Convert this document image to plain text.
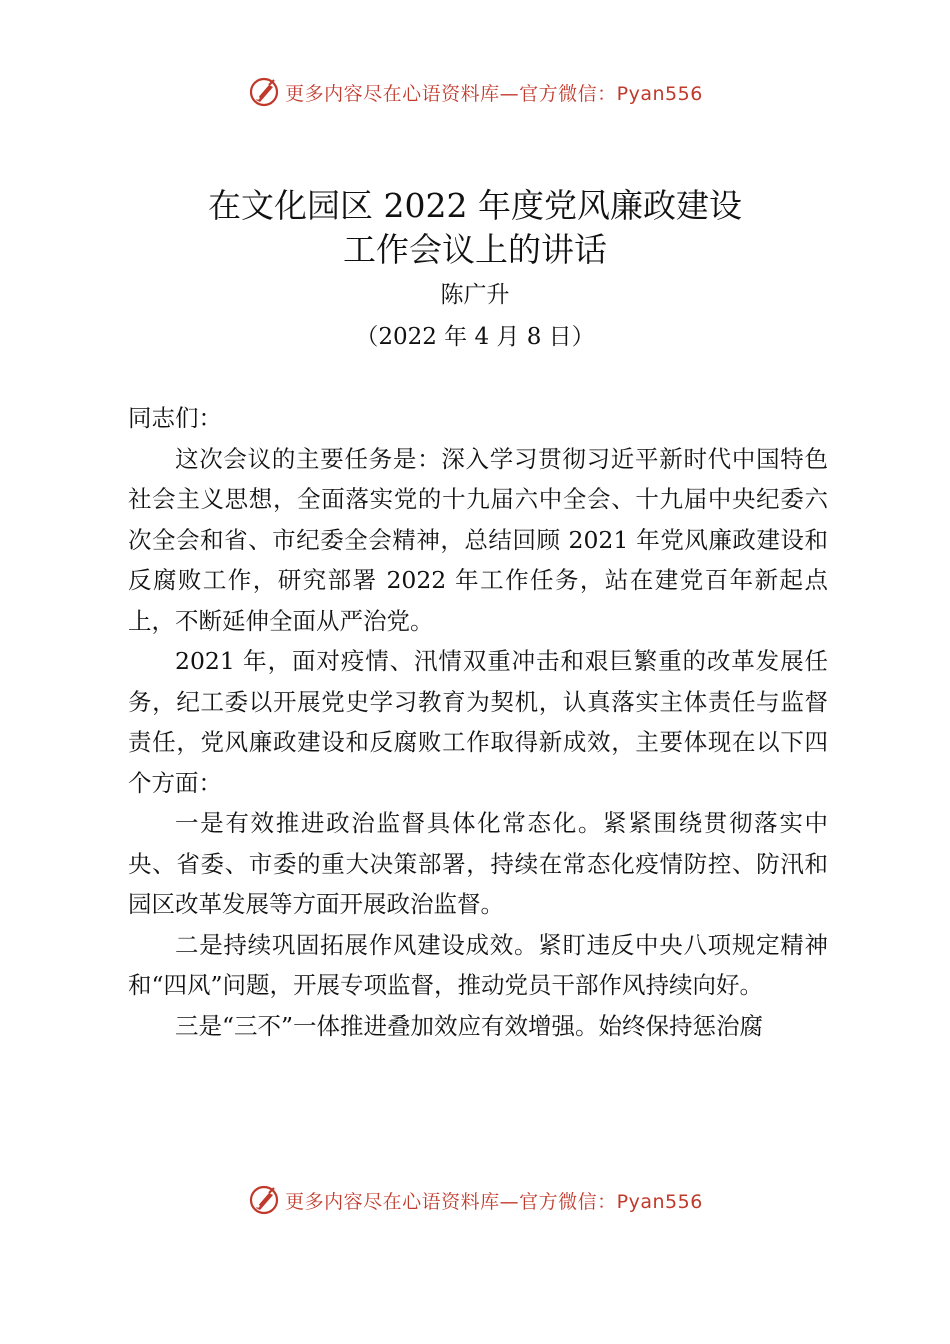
更多内容尽在心语资料库—官方微信：Pyan556
在文化园区 2022 年度党风廉政建设
工作会议上的讲话
陈广升
（2022 年 4 月 8 日）

同志们：

这次会议的主要任务是：深入学习贯彻习近平新时代中国特色社会主义思想，全面落实党的十九届六中全会、十九届中央纪委六次全会和省、市纪委全会精神，总结回顾 2021 年党风廉政建设和反腐败工作，研究部署 2022 年工作任务，站在建党百年新起点上，不断延伸全面从严治党。

2021 年，面对疫情、汛情双重冲击和艰巨繁重的改革发展任务，纪工委以开展党史学习教育为契机，认真落实主体责任与监督责任，党风廉政建设和反腐败工作取得新成效，主要体现在以下四个方面：

一是有效推进政治监督具体化常态化。紧紧围绕贯彻落实中央、省委、市委的重大决策部署，持续在常态化疫情防控、防汛和园区改革发展等方面开展政治监督。

二是持续巩固拓展作风建设成效。紧盯违反中央八项规定精神和“四风”问题，开展专项监督，推动党员干部作风持续向好。

三是“三不”一体推进叠加效应有效增强。始终保持惩治腐

更多内容尽在心语资料库—官方微信：Pyan556
